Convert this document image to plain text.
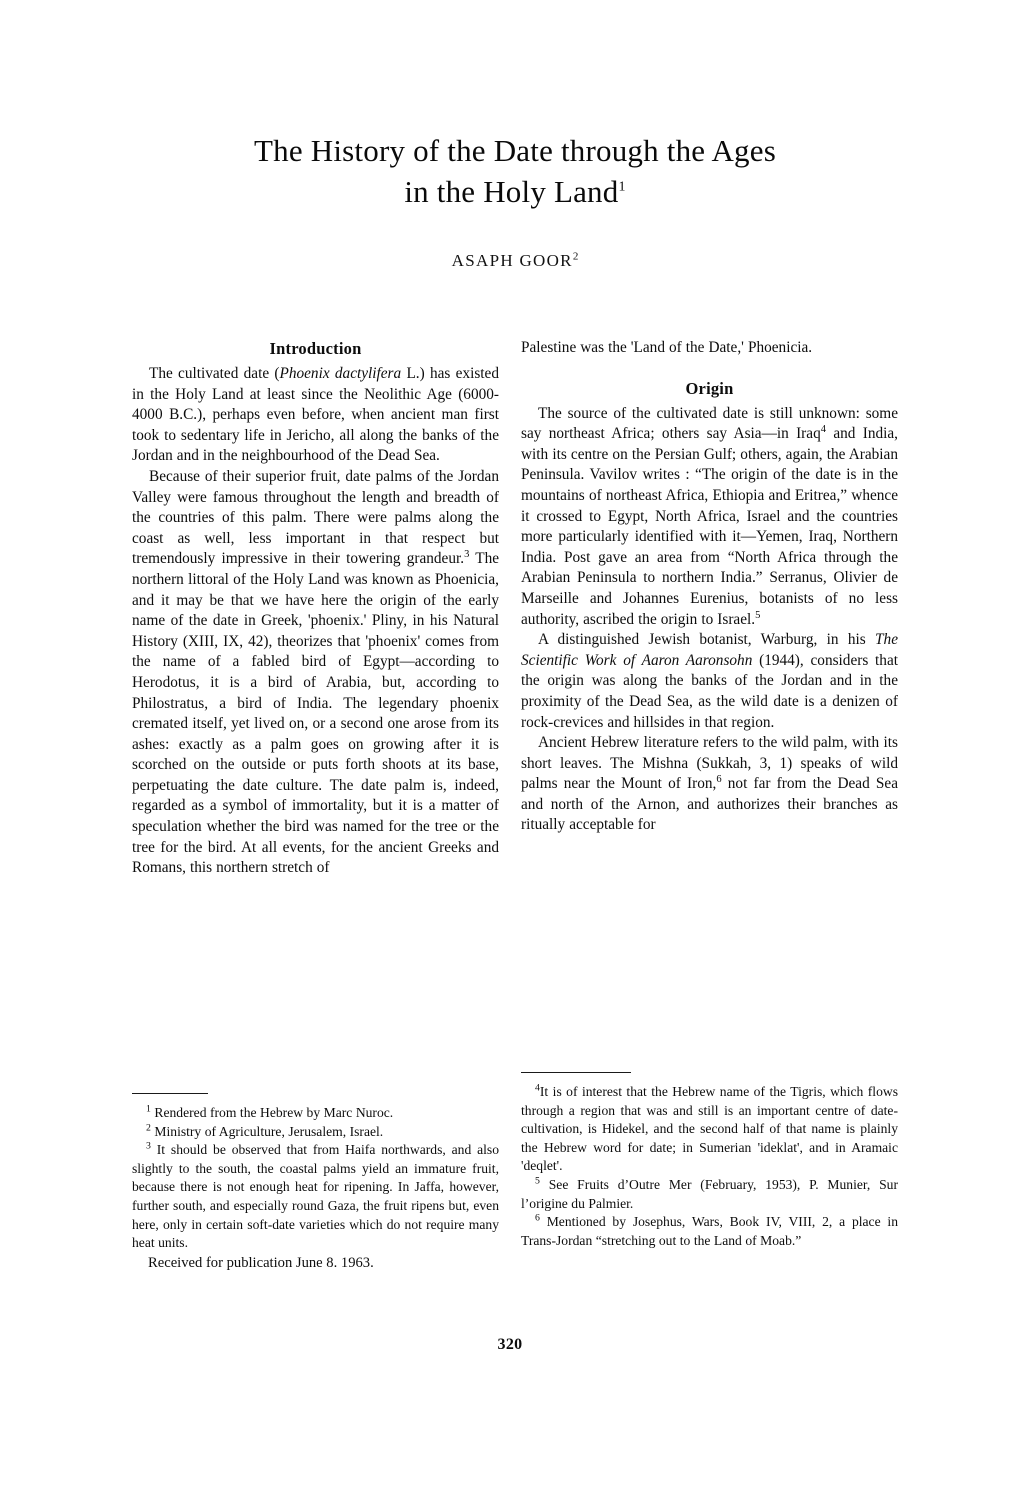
The History of the Date through the Ages
in the Holy Land$^1$

ASAPH GOOR$^2$

Introduction

The cultivated date (Phoenix dactylifera L.) has existed in the Holy Land at least since the Neolithic Age (6000-4000 B.C.), perhaps even before, when ancient man first took to sedentary life in Jericho, all along the banks of the Jordan and in the neighbourhood of the Dead Sea.

Because of their superior fruit, date palms of the Jordan Valley were famous throughout the length and breadth of the countries of this palm. There were palms along the coast as well, less important in that respect but tremendously impressive in their towering grandeur.$^3$ The northern littoral of the Holy Land was known as Phoenicia, and it may be that we have here the origin of the early name of the date in Greek, 'phoenix.' Pliny, in his Natural History (XIII, IX, 42), theorizes that 'phoenix' comes from the name of a fabled bird of Egypt—according to Herodotus, it is a bird of Arabia, but, according to Philostratus, a bird of India. The legendary phoenix cremated itself, yet lived on, or a second one arose from its ashes: exactly as a palm goes on growing after it is scorched on the outside or puts forth shoots at its base, perpetuating the date culture. The date palm is, indeed, regarded as a symbol of immortality, but it is a matter of speculation whether the bird was named for the tree or the tree for the bird. At all events, for the ancient Greeks and Romans, this northern stretch of

Palestine was the 'Land of the Date,' Phoenicia.

Origin

The source of the cultivated date is still unknown: some say northeast Africa; others say Asia—in Iraq$^4$ and India, with its centre on the Persian Gulf; others, again, the Arabian Peninsula. Vavilov writes : “The origin of the date is in the mountains of northeast Africa, Ethiopia and Eritrea,” whence it crossed to Egypt, North Africa, Israel and the countries more particularly identified with it—Yemen, Iraq, Northern India. Post gave an area from “North Africa through the Arabian Peninsula to northern India.” Serranus, Olivier de Marseille and Johannes Eurenius, botanists of no less authority, ascribed the origin to Israel.$^5$

A distinguished Jewish botanist, Warburg, in his The Scientific Work of Aaron Aaronsohn (1944), considers that the origin was along the banks of the Jordan and in the proximity of the Dead Sea, as the wild date is a denizen of rock-crevices and hillsides in that region.

Ancient Hebrew literature refers to the wild palm, with its short leaves. The Mishna (Sukkah, 3, 1) speaks of wild palms near the Mount of Iron,$^6$ not far from the Dead Sea and north of the Arnon, and authorizes their branches as ritually acceptable for

$^1$ Rendered from the Hebrew by Marc Nuroc.

$^2$ Ministry of Agriculture, Jerusalem, Israel.

$^3$ It should be observed that from Haifa northwards, and also slightly to the south, the coastal palms yield an immature fruit, because there is not enough heat for ripening. In Jaffa, however, further south, and especially round Gaza, the fruit ripens but, even here, only in certain soft-date varieties which do not require many heat units.

Received for publication June 8. 1963.

$^4$It is of interest that the Hebrew name of the Tigris, which flows through a region that was and still is an important centre of date-cultivation, is Hidekel, and the second half of that name is plainly the Hebrew word for date; in Sumerian 'ideklat', and in Aramaic 'deqlet'.

$^5$ See Fruits d’Outre Mer (February, 1953), P. Munier, Sur l’origine du Palmier.

$^6$ Mentioned by Josephus, Wars, Book IV, VIII, 2, a place in Trans-Jordan “stretching out to the Land of Moab.”

320
